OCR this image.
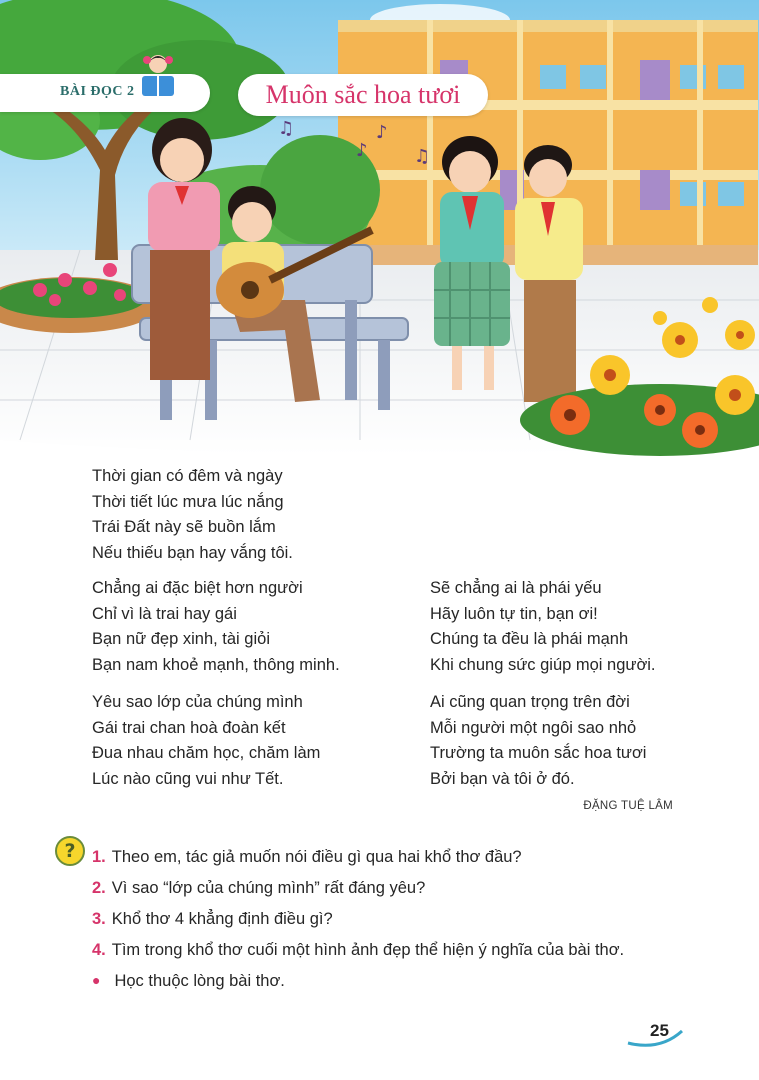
♫
♪
♪
♫
BÀI ĐỌC 2	Muôn sắc hoa tươi
Thời gian có đêm và ngày
Thời tiết lúc mưa lúc nắng
Trái Đất này sẽ buồn lắm
Nếu thiếu bạn hay vắng tôi.
Chẳng ai đặc biệt hơn người
Chỉ vì là trai hay gái
Bạn nữ đẹp xinh, tài giỏi
Bạn nam khoẻ mạnh, thông minh.
Yêu sao lớp của chúng mình
Gái trai chan hoà đoàn kết
Đua nhau chăm học, chăm làm
Lúc nào cũng vui như Tết.
Sẽ chẳng ai là phái yếu
Hãy luôn tự tin, bạn ơi!
Chúng ta đều là phái mạnh
Khi chung sức giúp mọi người.
Ai cũng quan trọng trên đời
Mỗi người một ngôi sao nhỏ
Trường ta muôn sắc hoa tươi
Bởi bạn và tôi ở đó.
ĐẶNG TUỆ LÂM
? 1. Theo em, tác giả muốn nói điều gì qua hai khổ thơ đầu?
2. Vì sao “lớp của chúng mình” rất đáng yêu?
3. Khổ thơ 4 khẳng định điều gì?
4. Tìm trong khổ thơ cuối một hình ảnh đẹp thể hiện ý nghĩa của bài thơ.
● Học thuộc lòng bài thơ.
25
